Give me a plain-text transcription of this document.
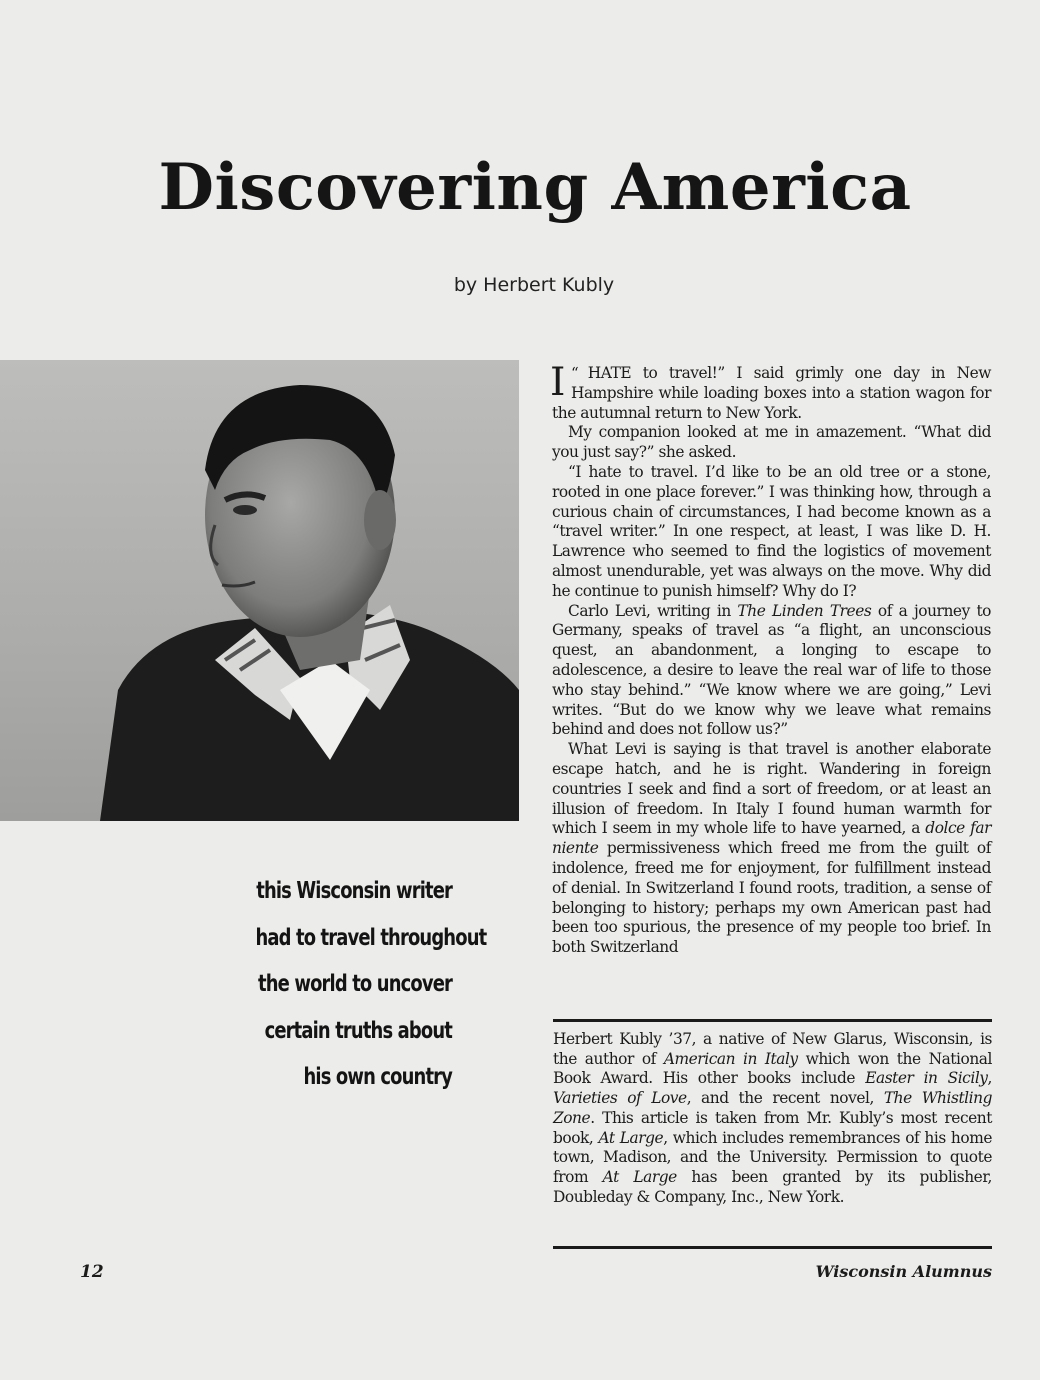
Discovering America
by Herbert Kubly
this Wisconsin writer
had to travel throughout
the world to uncover
certain truths about
his own country

“
I HATE to travel!” I said grimly one day in New Hampshire while loading boxes into a station wagon for the autumnal return to New York.

My companion looked at me in amazement. “What did you just say?” she asked.

“I hate to travel. I’d like to be an old tree or a stone, rooted in one place forever.” I was thinking how, through a curious chain of circumstances, I had become known as a “travel writer.” In one respect, at least, I was like D. H. Lawrence who seemed to find the logistics of movement almost unendurable, yet was always on the move. Why did he continue to punish himself? Why do I?

Carlo Levi, writing in The Linden Trees of a journey to Germany, speaks of travel as “a flight, an unconscious quest, an abandonment, a longing to escape to adolescence, a desire to leave the real war of life to those who stay behind.” “We know where we are going,” Levi writes. “But do we know why we leave what remains behind and does not follow us?”

What Levi is saying is that travel is another elaborate escape hatch, and he is right. Wandering in foreign countries I seek and find a sort of freedom, or at least an illusion of freedom. In Italy I found human warmth for which I seem in my whole life to have yearned, a dolce far niente permissiveness which freed me from the guilt of indolence, freed me for enjoyment, for fulfillment instead of denial. In Switzerland I found roots, tradition, a sense of belonging to history; perhaps my own American past had been too spurious, the presence of my people too brief. In both Switzerland

Herbert Kubly ’37, a native of New Glarus, Wisconsin, is the author of American in Italy which won the National Book Award. His other books include Easter in Sicily, Varieties of Love, and the recent novel, The Whistling Zone. This article is taken from Mr. Kubly’s most recent book, At Large, which includes remembrances of his home town, Madison, and the University. Permission to quote from At Large has been granted by its publisher, Doubleday & Company, Inc., New York.
12	Wisconsin Alumnus
